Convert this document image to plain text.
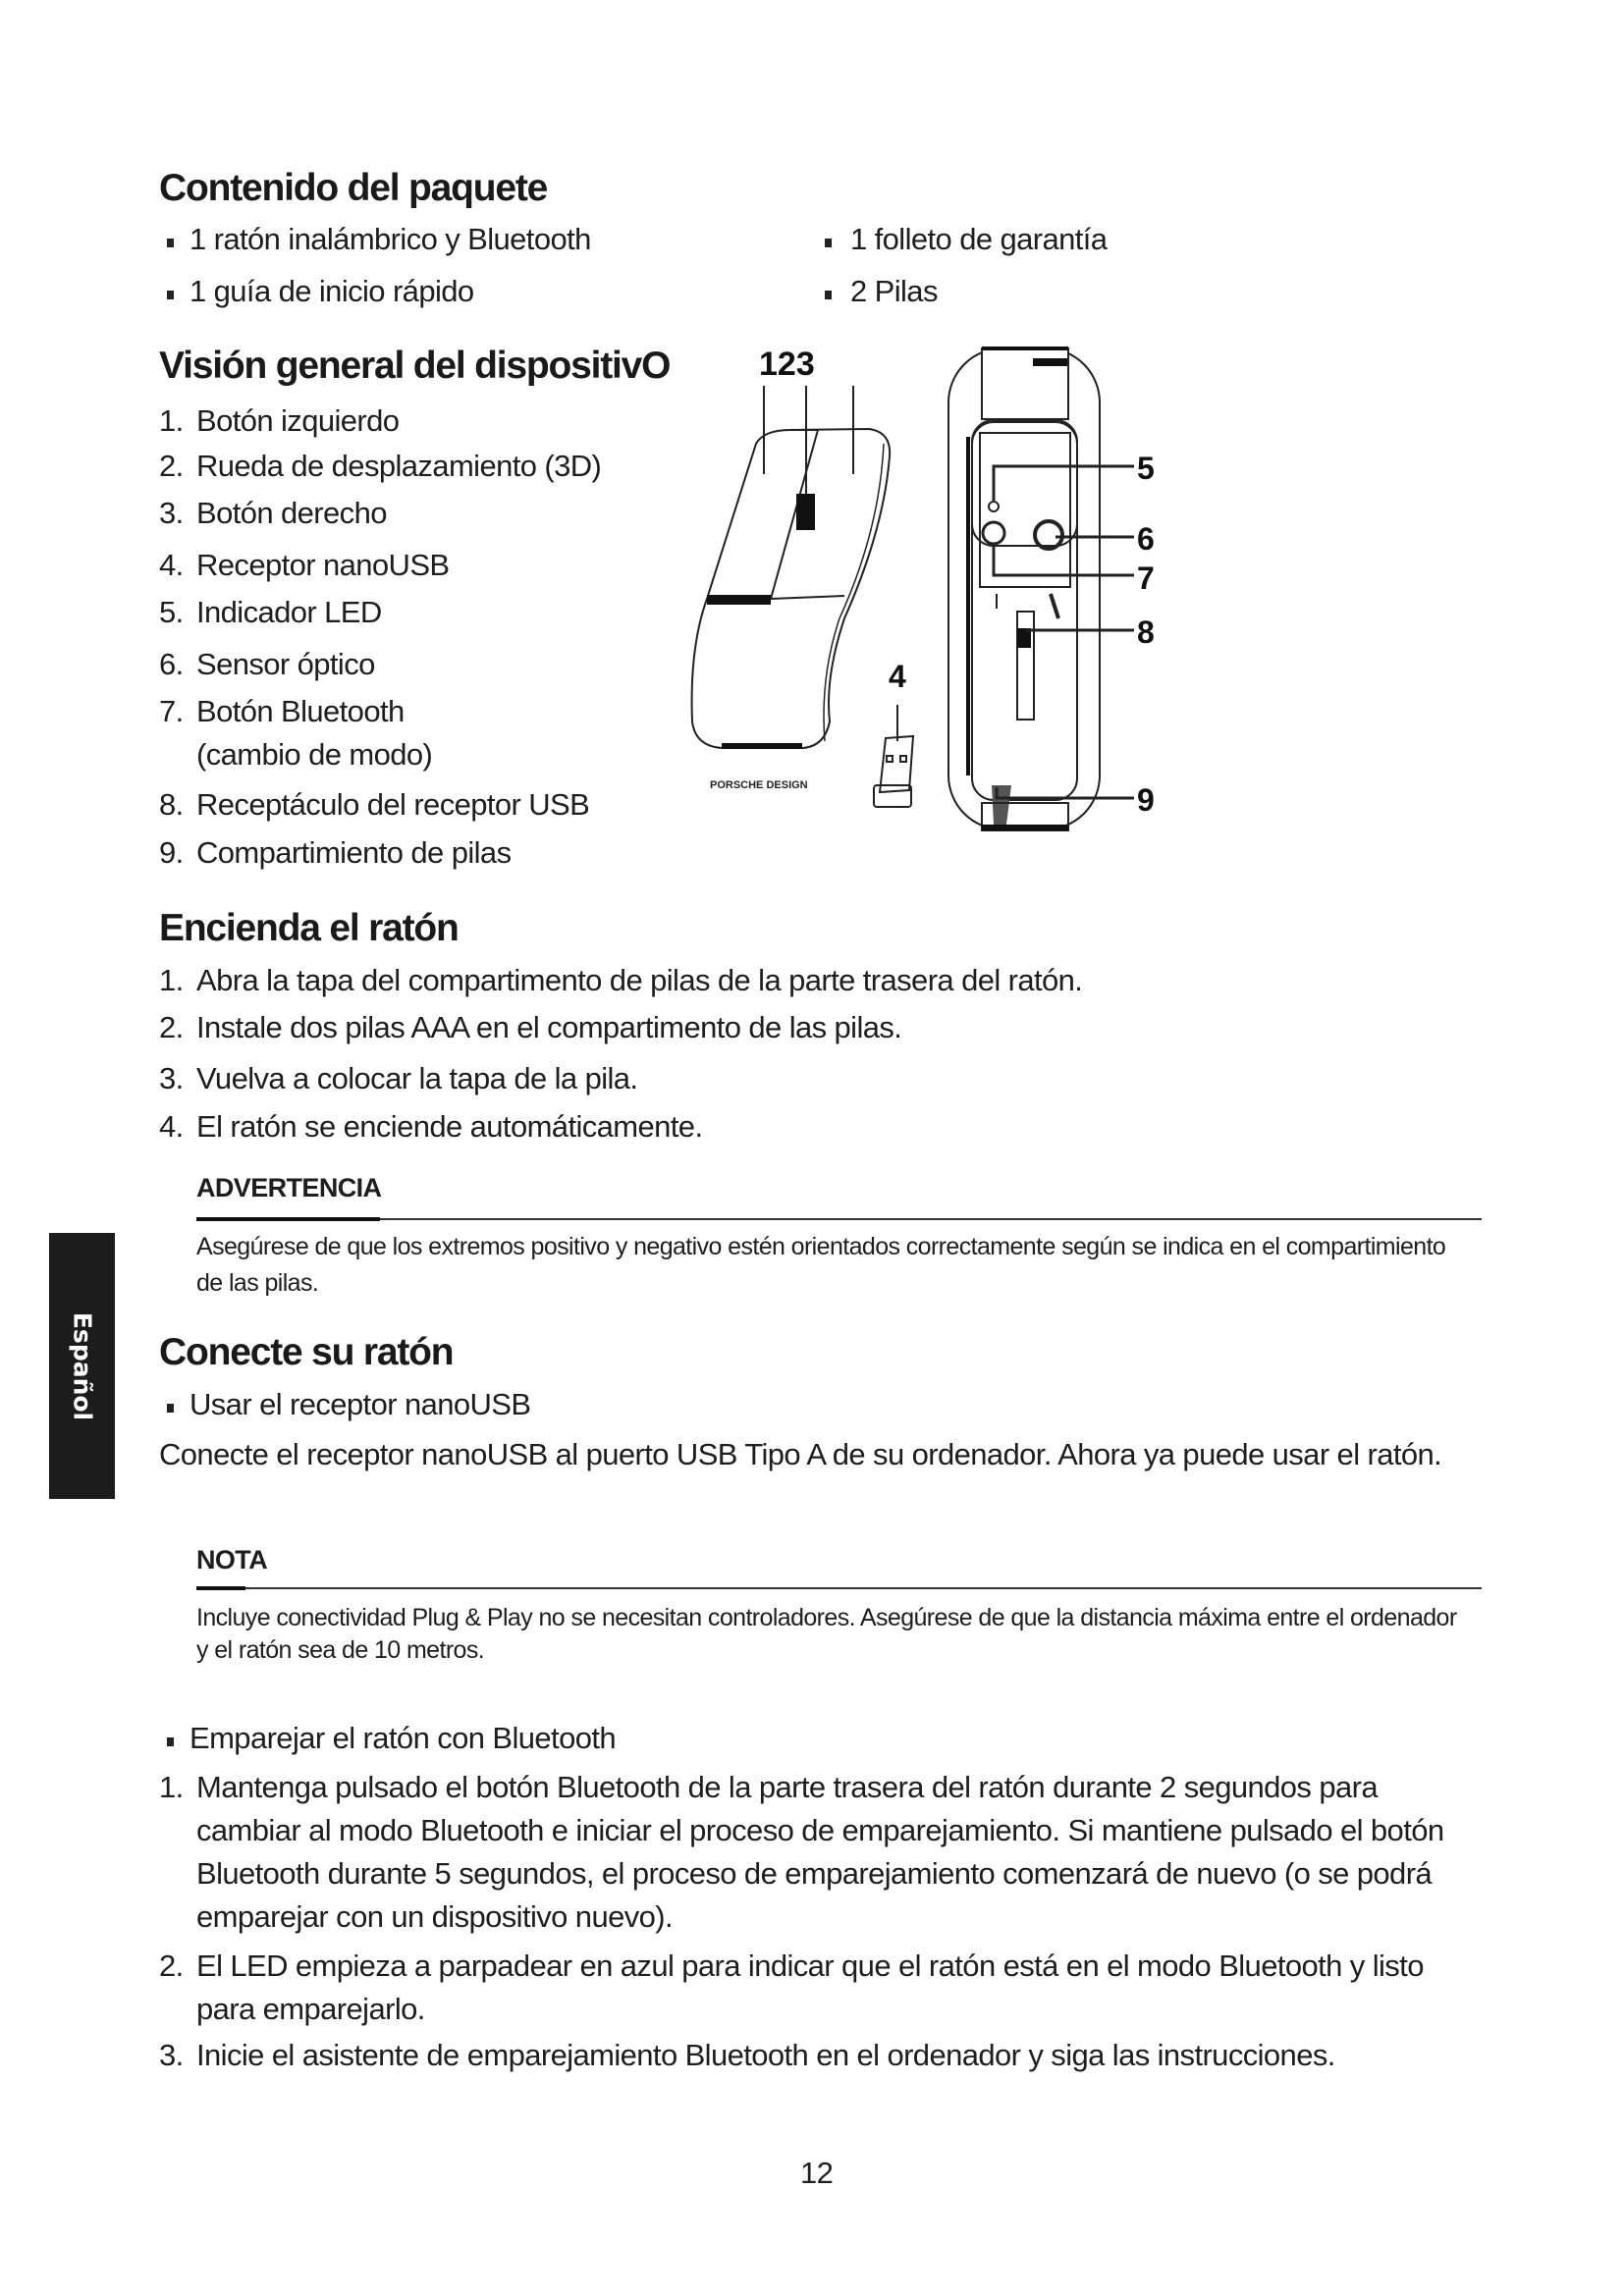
Contenido del paquete
1 ratón inalámbrico y Bluetooth
1 guía de inicio rápido
1 folleto de garantía
2 Pilas
Visión general del dispositivO
1. Botón izquierdo
2. Rueda de desplazamiento (3D)
3. Botón derecho
4. Receptor nanoUSB
5. Indicador LED
6. Sensor óptico
7. Botón Bluetooth
8. Receptáculo del receptor USB
9. Compartimiento de pilas
(cambio de modo)
PORSCHE DESIGN
123
4
5
6
7
8
9
Encienda el ratón
1. Abra la tapa del compartimento de pilas de la parte trasera del ratón.
2. Instale dos pilas AAA en el compartimento de las pilas.
3. Vuelva a colocar la tapa de la pila.
4. El ratón se enciende automáticamente.
ADVERTENCIA
Asegúrese de que los extremos positivo y negativo estén orientados correctamente según se indica en el compartimiento de las pilas.
Español Conecte su ratón
Usar el receptor nanoUSB
Conecte el receptor nanoUSB al puerto USB Tipo A de su ordenador. Ahora ya puede usar el ratón.
NOTA
Incluye conectividad Plug & Play no se necesitan controladores. Asegúrese de que la distancia máxima entre el ordenador y el ratón sea de 10 metros.
Emparejar el ratón con Bluetooth
1. Mantenga pulsado el botón Bluetooth de la parte trasera del ratón durante 2 segundos para cambiar al modo Bluetooth e iniciar el proceso de emparejamiento. Si mantiene pulsado el botón Bluetooth durante 5 segundos, el proceso de emparejamiento comenzará de nuevo (o se podrá emparejar con un dispositivo nuevo).
2. El LED empieza a parpadear en azul para indicar que el ratón está en el modo Bluetooth y listo para emparejarlo.
3. Inicie el asistente de emparejamiento Bluetooth en el ordenador y siga las instrucciones.
12
